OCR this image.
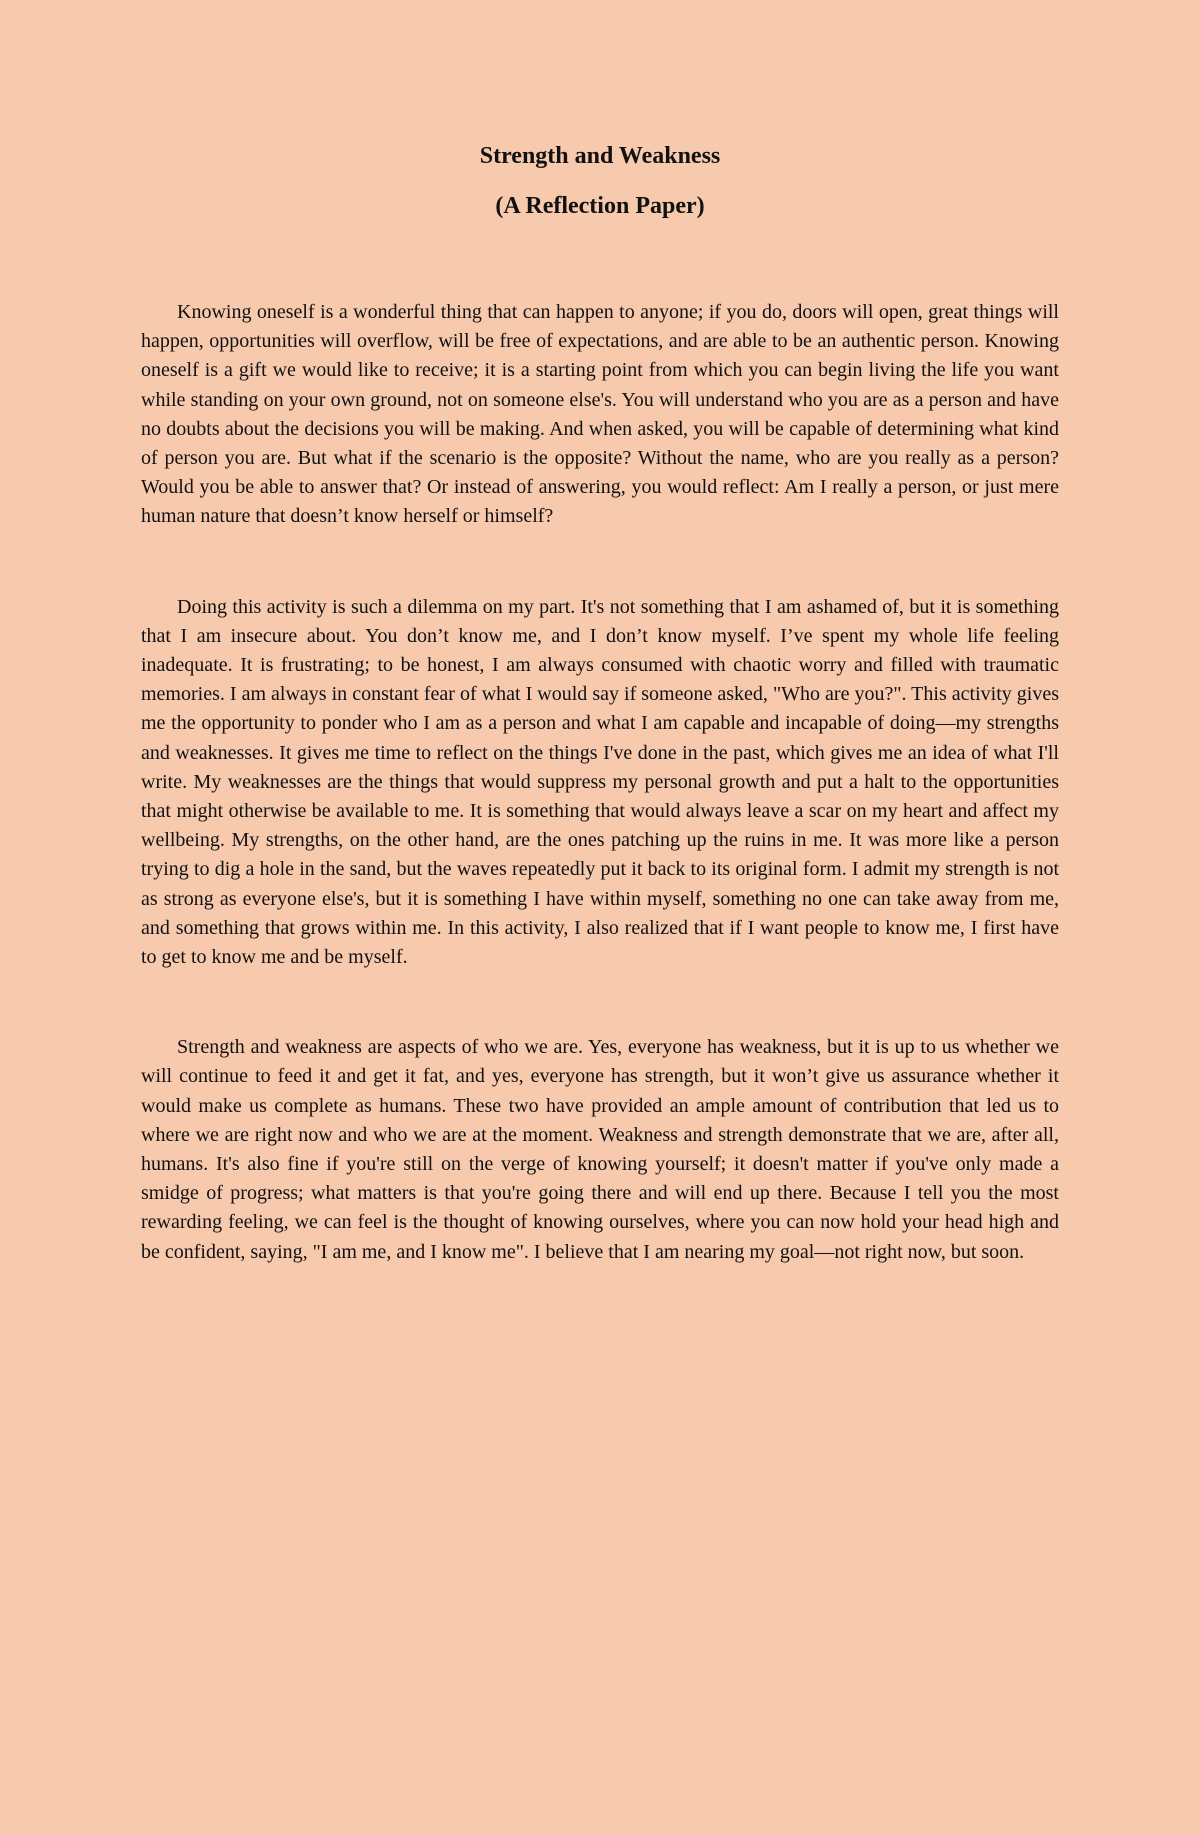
Strength and Weakness
(A Reflection Paper)

Knowing oneself is a wonderful thing that can happen to anyone; if you do, doors will open, great things will happen, opportunities will overflow, will be free of expectations, and are able to be an authentic person. Knowing oneself is a gift we would like to receive; it is a starting point from which you can begin living the life you want while standing on your own ground, not on someone else's. You will understand who you are as a person and have no doubts about the decisions you will be making. And when asked, you will be capable of determining what kind of person you are. But what if the scenario is the opposite? Without the name, who are you really as a person? Would you be able to answer that? Or instead of answering, you would reflect: Am I really a person, or just mere human nature that doesn’t know herself or himself?

Doing this activity is such a dilemma on my part. It's not something that I am ashamed of, but it is something that I am insecure about. You don’t know me, and I don’t know myself. I’ve spent my whole life feeling inadequate. It is frustrating; to be honest, I am always consumed with chaotic worry and filled with traumatic memories. I am always in constant fear of what I would say if someone asked, "Who are you?". This activity gives me the opportunity to ponder who I am as a person and what I am capable and incapable of doing—my strengths and weaknesses. It gives me time to reflect on the things I've done in the past, which gives me an idea of what I'll write. My weaknesses are the things that would suppress my personal growth and put a halt to the opportunities that might otherwise be available to me. It is something that would always leave a scar on my heart and affect my wellbeing. My strengths, on the other hand, are the ones patching up the ruins in me. It was more like a person trying to dig a hole in the sand, but the waves repeatedly put it back to its original form. I admit my strength is not as strong as everyone else's, but it is something I have within myself, something no one can take away from me, and something that grows within me. In this activity, I also realized that if I want people to know me, I first have to get to know me and be myself.

Strength and weakness are aspects of who we are. Yes, everyone has weakness, but it is up to us whether we will continue to feed it and get it fat, and yes, everyone has strength, but it won’t give us assurance whether it would make us complete as humans. These two have provided an ample amount of contribution that led us to where we are right now and who we are at the moment. Weakness and strength demonstrate that we are, after all, humans. It's also fine if you're still on the verge of knowing yourself; it doesn't matter if you've only made a smidge of progress; what matters is that you're going there and will end up there. Because I tell you the most rewarding feeling, we can feel is the thought of knowing ourselves, where you can now hold your head high and be confident, saying, "I am me, and I know me". I believe that I am nearing my goal—not right now, but soon.
